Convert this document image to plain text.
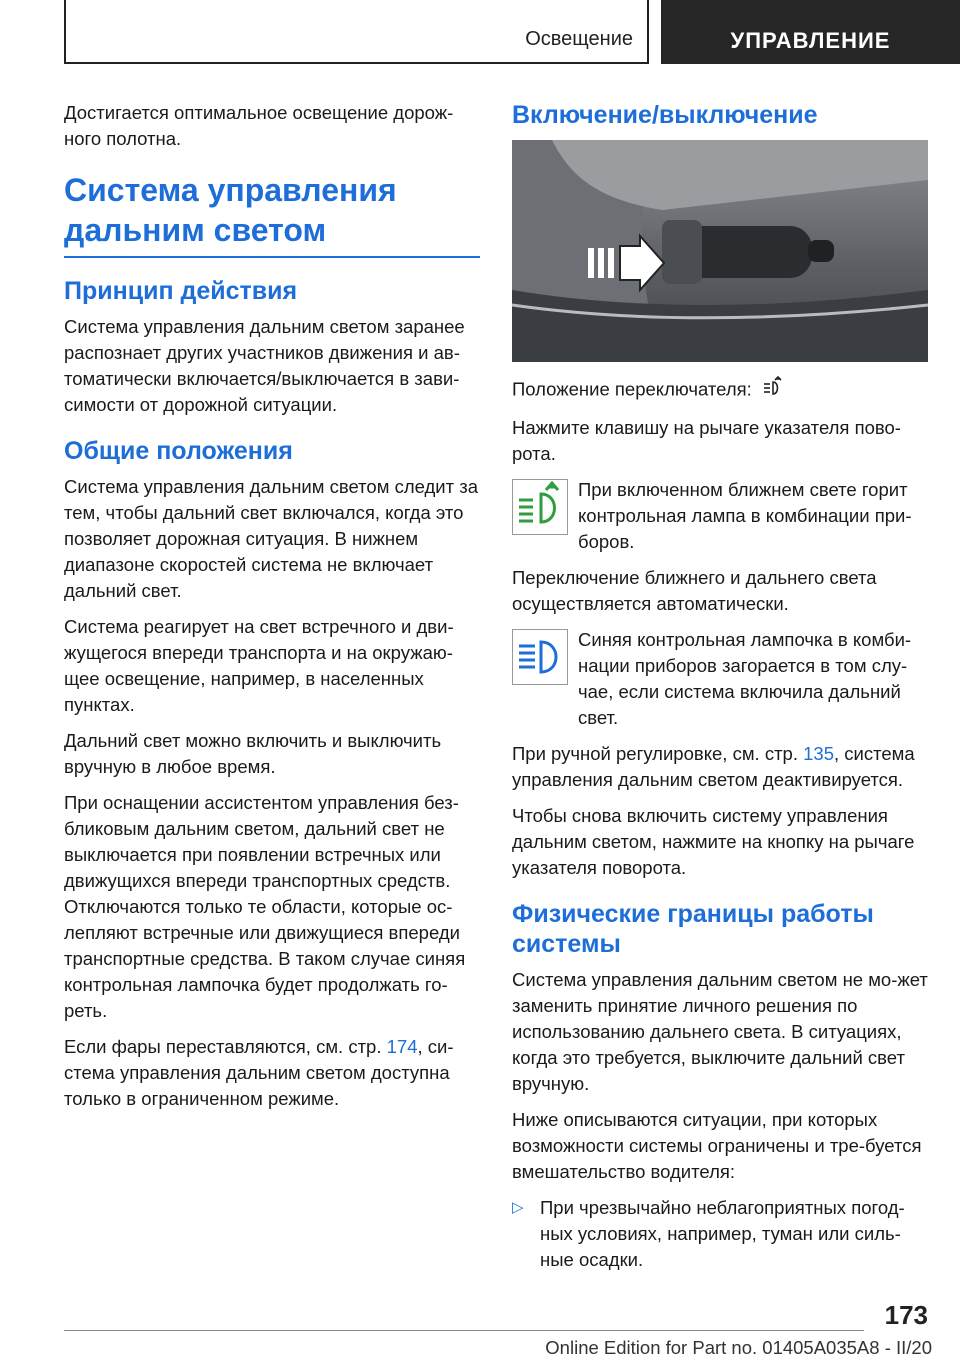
Освещение	УПРАВЛЕНИЕ

Достигается оптимальное освещение дорож-ного полотна.

Система управления дальним светом
Принцип действия

Система управления дальним светом заранее распознает других участников движения и ав-томатически включается/выключается в зави-симости от дорожной ситуации.

Общие положения

Система управления дальним светом следит за тем, чтобы дальний свет включался, когда это позволяет дорожная ситуация. В нижнем диапазоне скоростей система не включает дальний свет.

Система реагирует на свет встречного и дви-жущегося впереди транспорта и на окружаю-щее освещение, например, в населенных пунктах.

Дальний свет можно включить и выключить вручную в любое время.

При оснащении ассистентом управления без-бликовым дальним светом, дальний свет не выключается при появлении встречных или движущихся впереди транспортных средств. Отключаются только те области, которые ос-лепляют встречные или движущиеся впереди транспортные средства. В таком случае синяя контрольная лампочка будет продолжать го-реть.

Если фары переставляются, см. стр. 174, си-стема управления дальним светом доступна только в ограниченном режиме.

Включение/выключение

Положение переключателя:

Нажмите клавишу на рычаге указателя пово-рота.

При включенном ближнем свете горит контрольная лампа в комбинации при-боров.

Переключение ближнего и дальнего света осуществляется автоматически.

Синяя контрольная лампочка в комби-нации приборов загорается в том слу-чае, если система включила дальний свет.

При ручной регулировке, см. стр. 135, система управления дальним светом деактивируется.

Чтобы снова включить систему управления дальним светом, нажмите на кнопку на рычаге указателя поворота.

Физические границы работы системы

Система управления дальним светом не мо-жет заменить принятие личного решения по использованию дальнего света. В ситуациях, когда это требуется, выключите дальний свет вручную.

Ниже описываются ситуации, при которых возможности системы ограничены и тре-буется вмешательство водителя:

▷ При чрезвычайно неблагоприятных погод-ных условиях, например, туман или силь-ные осадки.

173
Online Edition for Part no. 01405A035A8 - II/20
